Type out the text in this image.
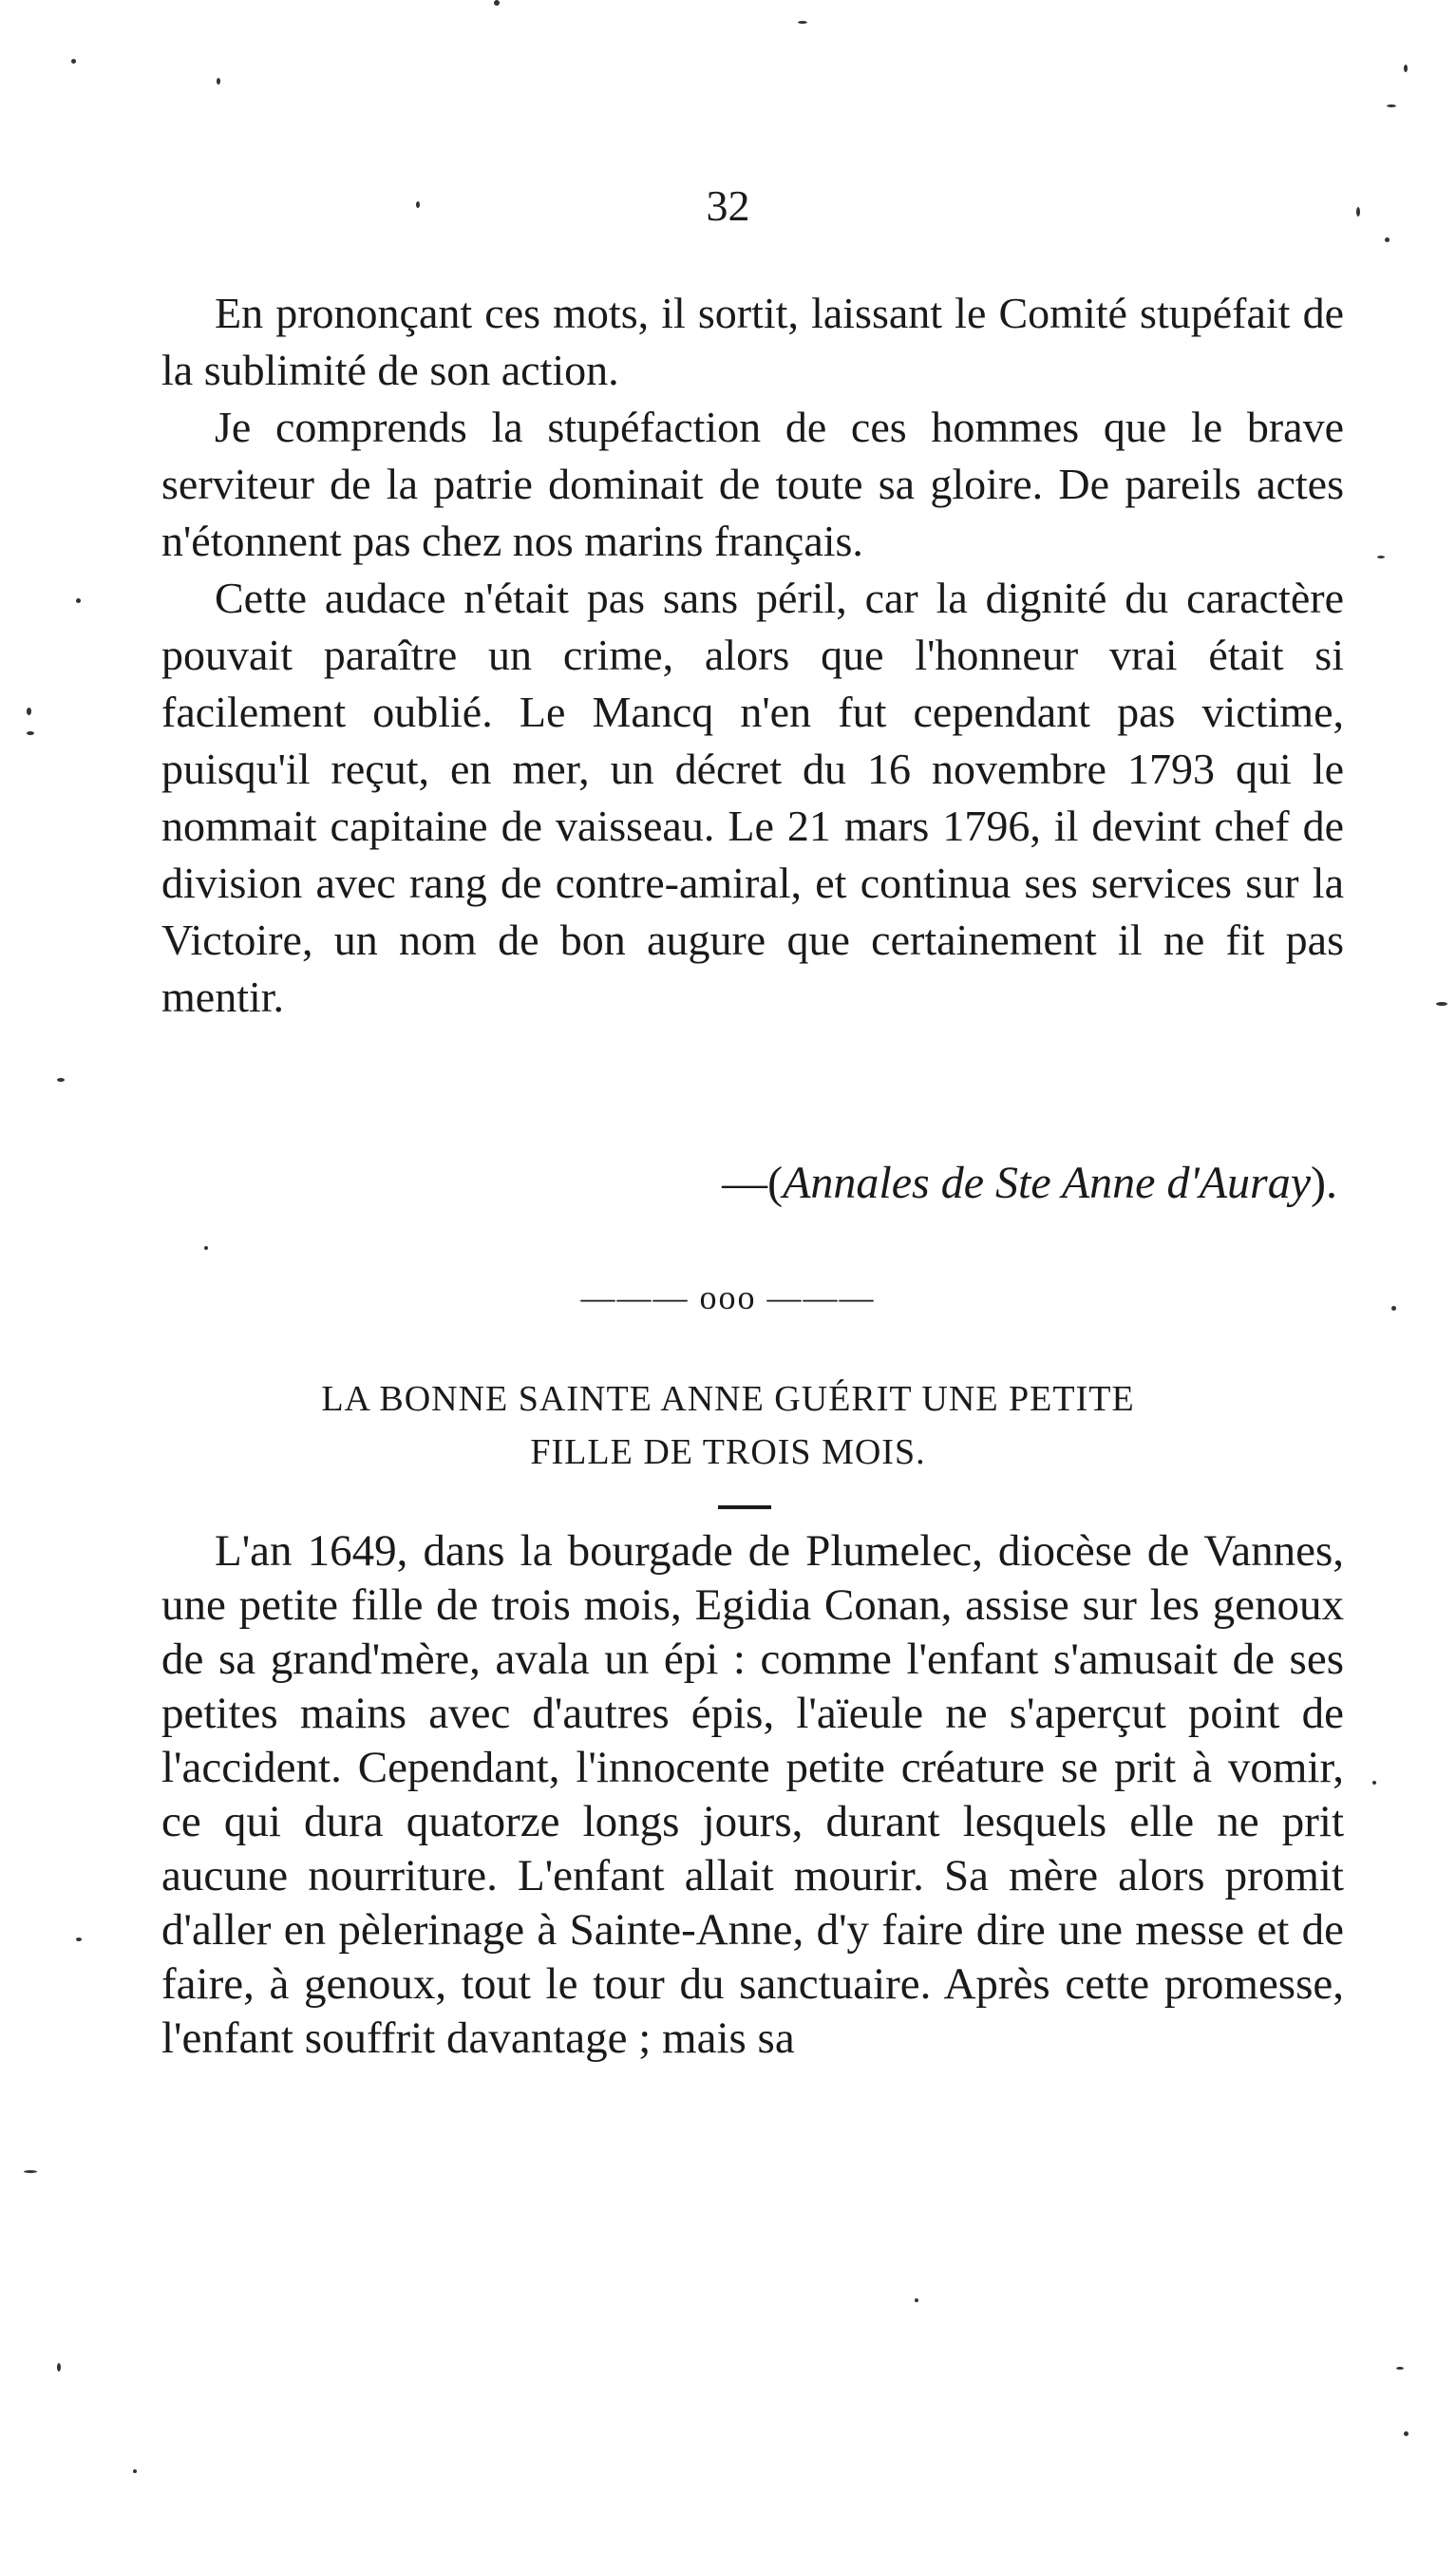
32

En prononçant ces mots, il sortit, laissant le Comité stupéfait de la sublimité de son action.

Je comprends la stupéfaction de ces hommes que le brave serviteur de la patrie dominait de toute sa gloire. De pareils actes n'étonnent pas chez nos marins français.

Cette audace n'était pas sans péril, car la dignité du caractère pouvait paraître un crime, alors que l'honneur vrai était si facilement oublié. Le Mancq n'en fut cependant pas victime, puisqu'il reçut, en mer, un décret du 16 novembre 1793 qui le nommait capitaine de vaisseau. Le 21 mars 1796, il devint chef de division avec rang de contre-amiral, et continua ses services sur la Victoire, un nom de bon augure que certainement il ne fit pas mentir.

—(Annales de Ste Anne d'Auray).
——— ooo ———
LA BONNE SAINTE ANNE GUÉRIT UNE PETITE
FILLE DE TROIS MOIS.

L'an 1649, dans la bourgade de Plumelec, diocèse de Vannes, une petite fille de trois mois, Egidia Conan, assise sur les genoux de sa grand'mère, avala un épi : comme l'enfant s'amusait de ses petites mains avec d'autres épis, l'aïeule ne s'aperçut point de l'accident. Cependant, l'innocente petite créature se prit à vomir, ce qui dura quatorze longs jours, durant lesquels elle ne prit aucune nourriture. L'enfant allait mourir. Sa mère alors promit d'aller en pèlerinage à Sainte-Anne, d'y faire dire une messe et de faire, à genoux, tout le tour du sanctuaire. Après cette promesse, l'enfant souffrit davantage ; mais sa
